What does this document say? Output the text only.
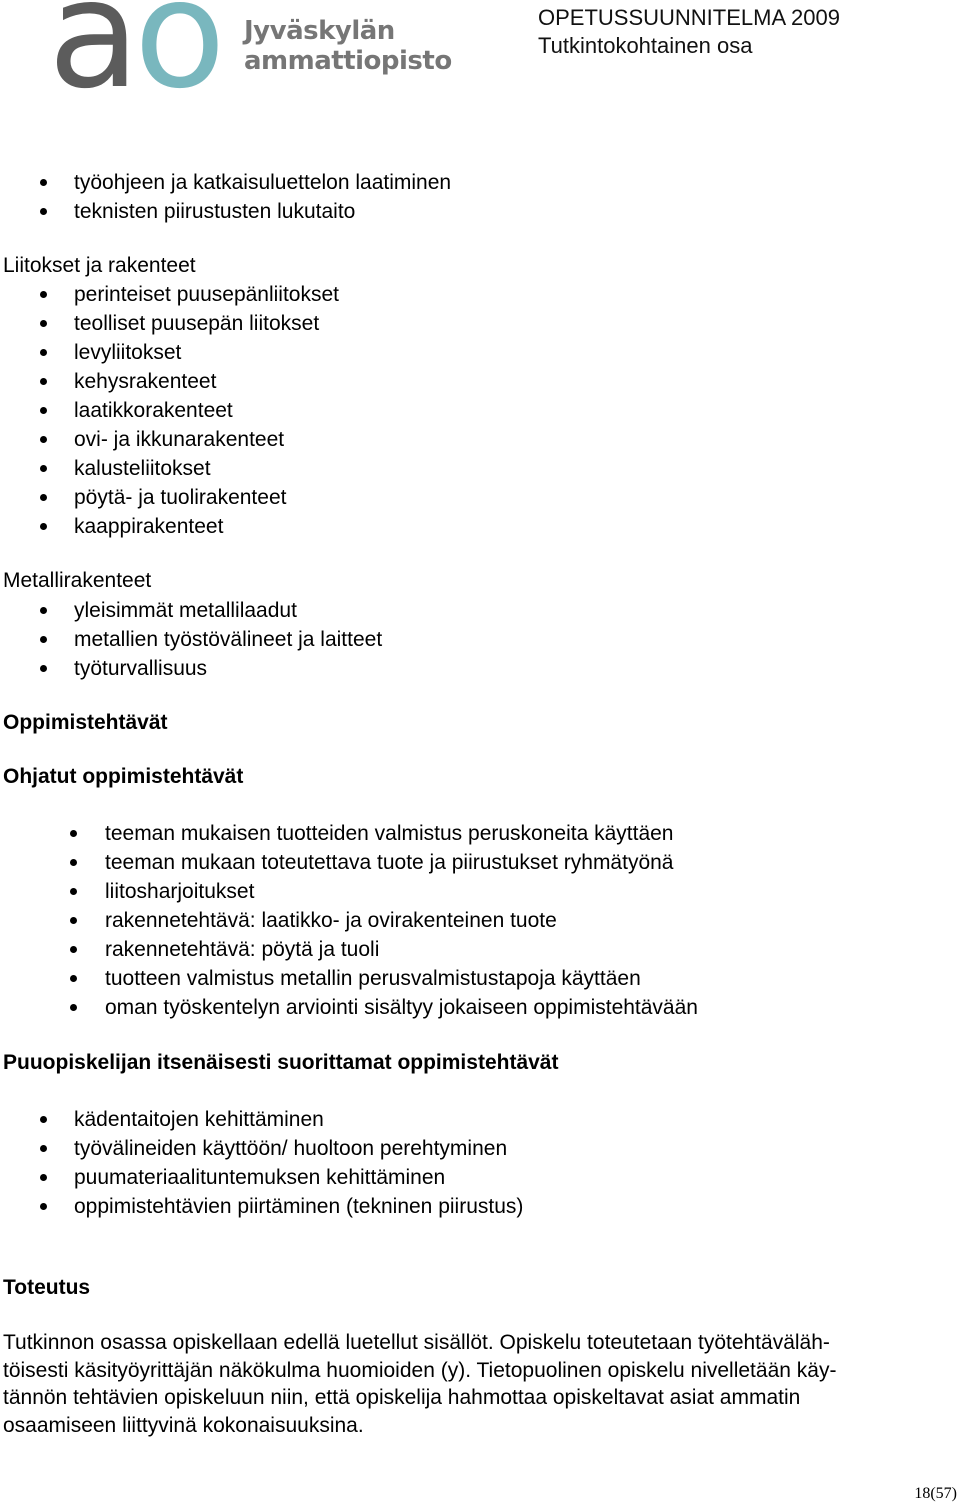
ao Jyväskylän
ammattiopisto
OPETUSSUUNNITELMA 2009
Tutkintokohtainen osa
työohjeen ja katkaisuluettelon laatiminen
teknisten piirustusten lukutaito
Liitokset ja rakenteet
perinteiset puusepänliitokset
teolliset puusepän liitokset
levyliitokset
kehysrakenteet
laatikkorakenteet
ovi- ja ikkunarakenteet
kalusteliitokset
pöytä- ja tuolirakenteet
kaappirakenteet
Metallirakenteet
yleisimmät metallilaadut
metallien työstövälineet ja laitteet
työturvallisuus
Oppimistehtävät
Ohjatut oppimistehtävät
teeman mukaisen tuotteiden valmistus peruskoneita käyttäen
teeman mukaan toteutettava tuote ja piirustukset ryhmätyönä
liitosharjoitukset
rakennetehtävä: laatikko- ja ovirakenteinen tuote
rakennetehtävä: pöytä ja tuoli
tuotteen valmistus metallin perusvalmistustapoja käyttäen
oman työskentelyn arviointi sisältyy jokaiseen oppimistehtävään
Puuopiskelijan itsenäisesti suorittamat oppimistehtävät
kädentaitojen kehittäminen
työvälineiden käyttöön/ huoltoon perehtyminen
puumateriaalituntemuksen kehittäminen
oppimistehtävien piirtäminen (tekninen piirustus)
Toteutus
Tutkinnon osassa opiskellaan edellä luetellut sisällöt. Opiskelu toteutetaan työtehtäväläh-
töisesti käsityöyrittäjän näkökulma huomioiden (y). Tietopuolinen opiskelu nivelletään käy-
tännön tehtävien opiskeluun niin, että opiskelija hahmottaa opiskeltavat asiat ammatin
osaamiseen liittyvinä kokonaisuuksina.
18(57)
